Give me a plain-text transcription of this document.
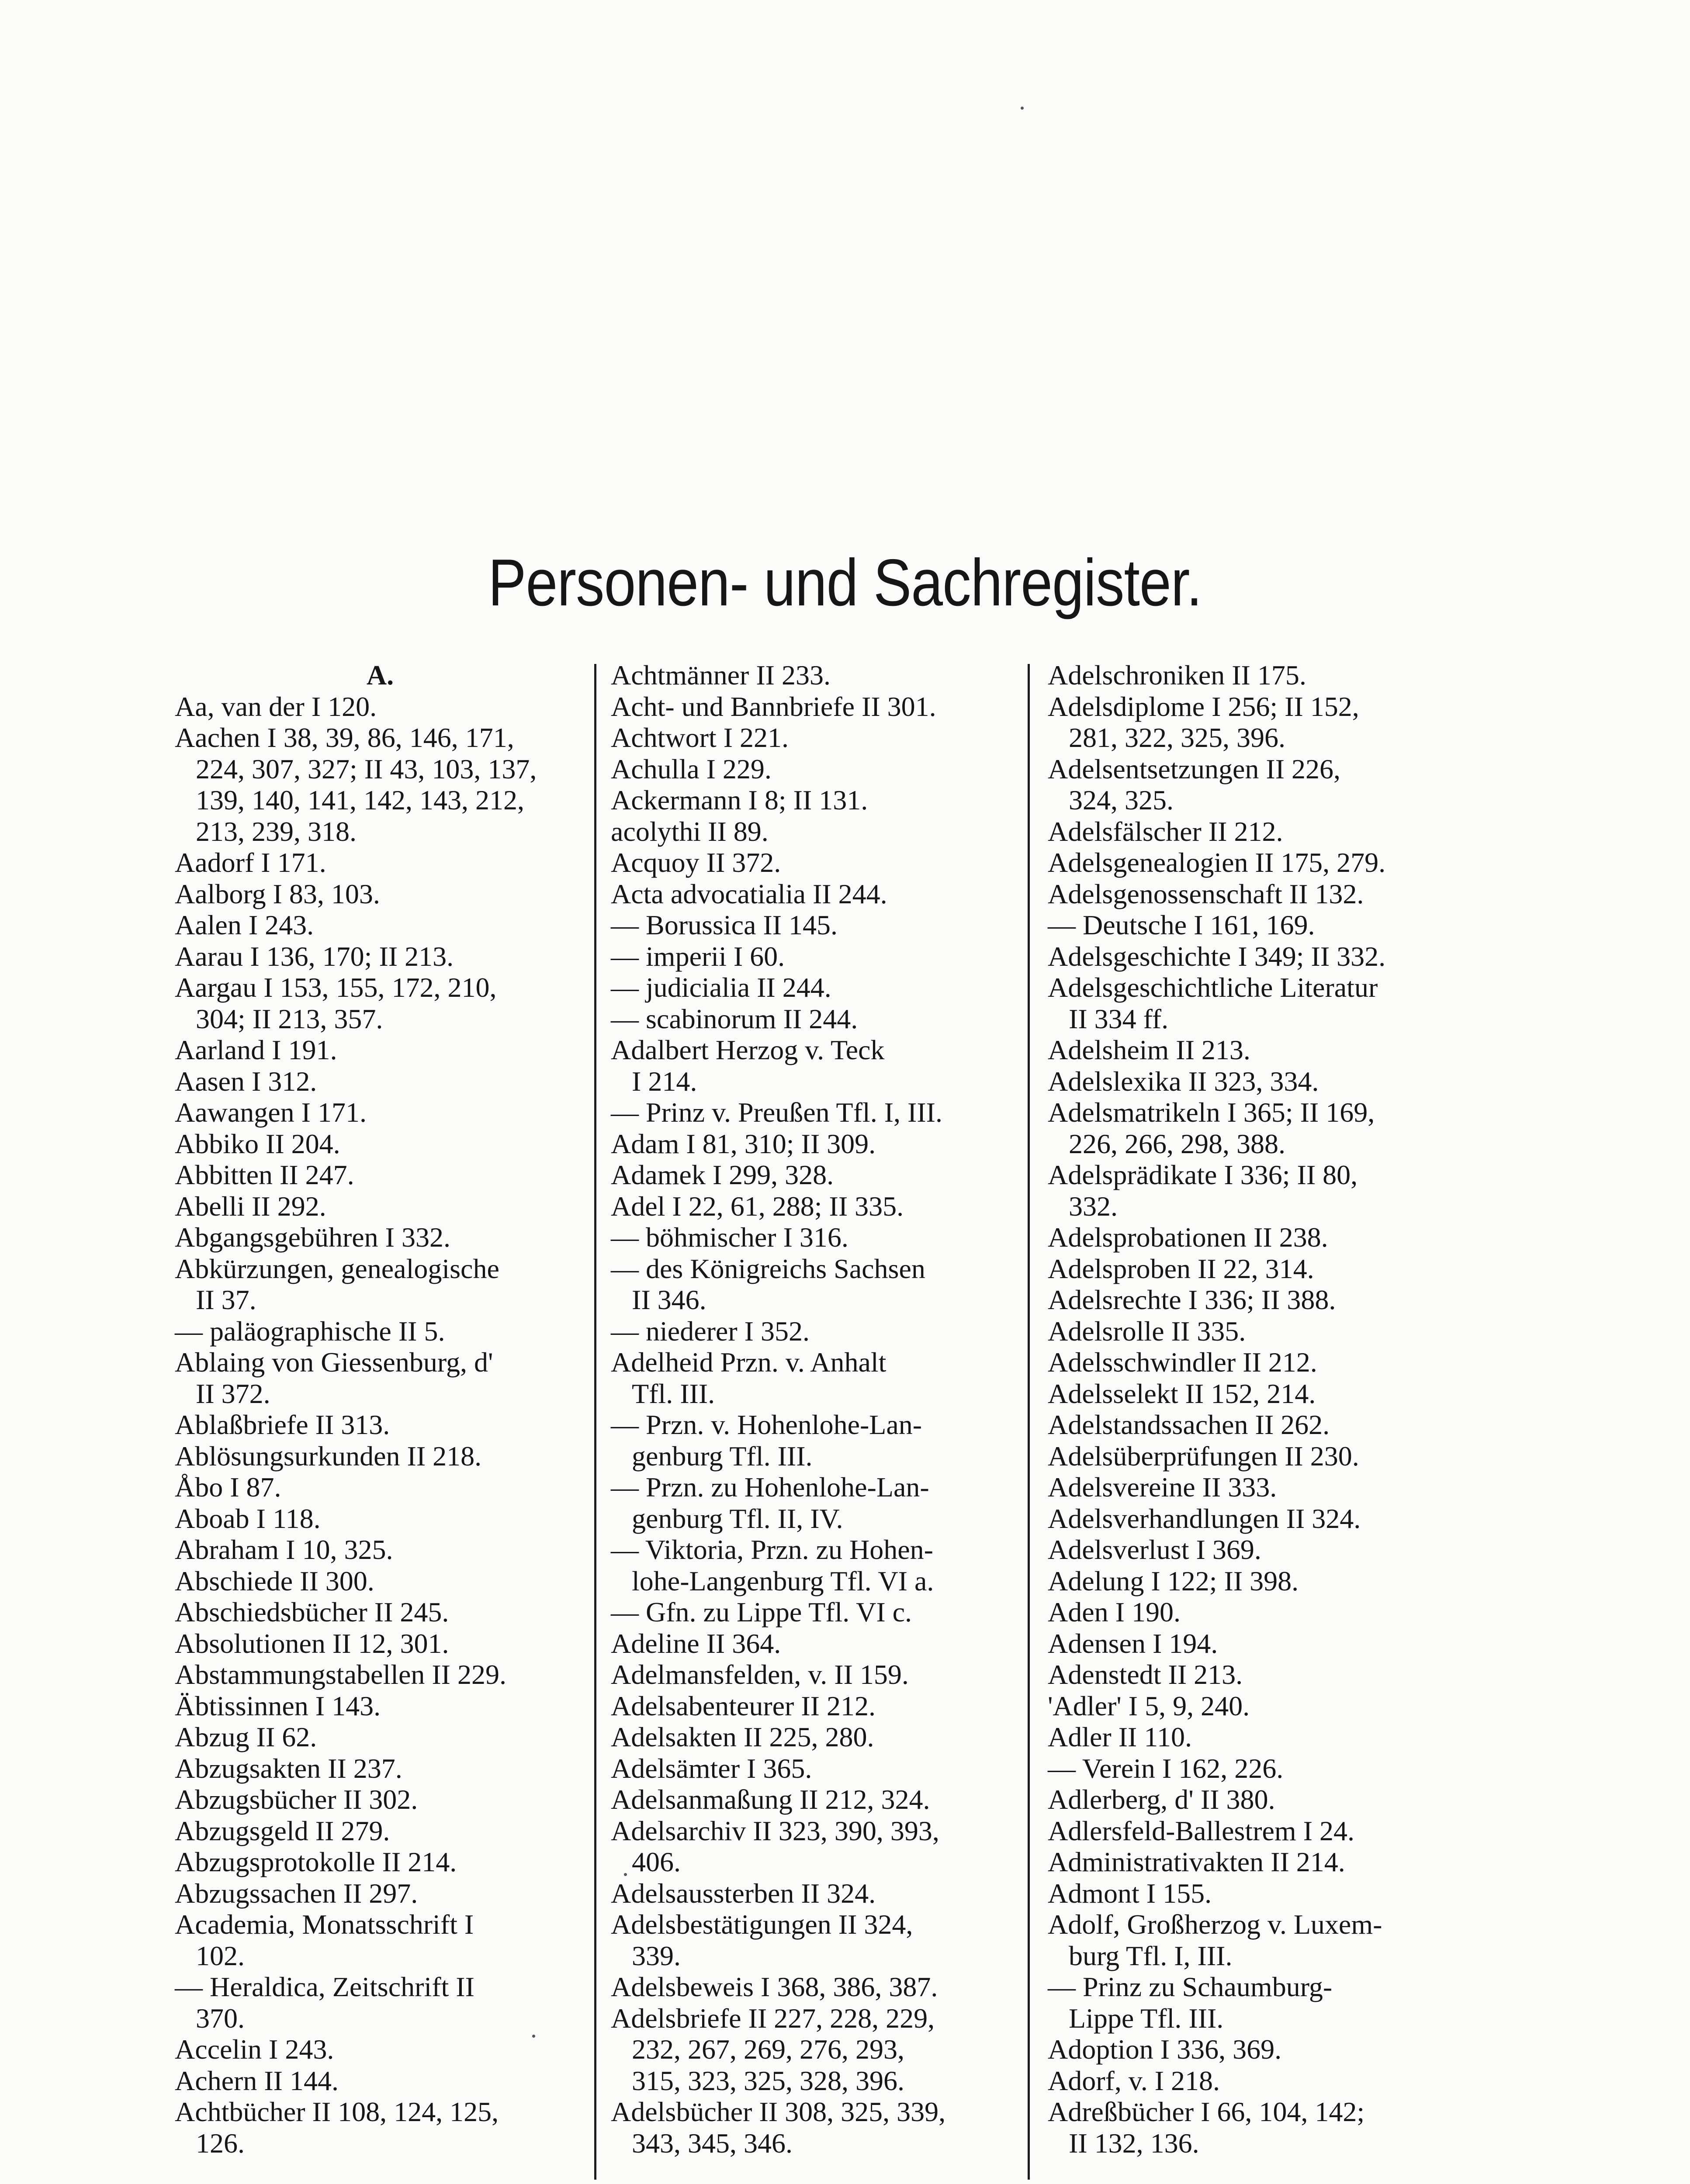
Personen- und Sachregister.
A.
Aa, van der I 120.
Aachen I 38, 39, 86, 146, 171,
224, 307, 327; II 43, 103, 137,
139, 140, 141, 142, 143, 212,
213, 239, 318.
Aadorf I 171.
Aalborg I 83, 103.
Aalen I 243.
Aarau I 136, 170; II 213.
Aargau I 153, 155, 172, 210,
304; II 213, 357.
Aarland I 191.
Aasen I 312.
Aawangen I 171.
Abbiko II 204.
Abbitten II 247.
Abelli II 292.
Abgangsgebühren I 332.
Abkürzungen, genealogische
II 37.
— paläographische II 5.
Ablaing von Giessenburg, d'
II 372.
Ablaßbriefe II 313.
Ablösungsurkunden II 218.
Åbo I 87.
Aboab I 118.
Abraham I 10, 325.
Abschiede II 300.
Abschiedsbücher II 245.
Absolutionen II 12, 301.
Abstammungstabellen II 229.
Äbtissinnen I 143.
Abzug II 62.
Abzugsakten II 237.
Abzugsbücher II 302.
Abzugsgeld II 279.
Abzugsprotokolle II 214.
Abzugssachen II 297.
Academia, Monatsschrift I
102.
— Heraldica, Zeitschrift II
370.
Accelin I 243.
Achern II 144.
Achtbücher II 108, 124, 125,
126.
Achtmänner II 233.
Acht- und Bannbriefe II 301.
Achtwort I 221.
Achulla I 229.
Ackermann I 8; II 131.
acolythi II 89.
Acquoy II 372.
Acta advocatialia II 244.
— Borussica II 145.
— imperii I 60.
— judicialia II 244.
— scabinorum II 244.
Adalbert Herzog v. Teck
I 214.
— Prinz v. Preußen Tfl. I, III.
Adam I 81, 310; II 309.
Adamek I 299, 328.
Adel I 22, 61, 288; II 335.
— böhmischer I 316.
— des Königreichs Sachsen
II 346.
— niederer I 352.
Adelheid Przn. v. Anhalt
Tfl. III.
— Przn. v. Hohenlohe-Lan-
genburg Tfl. III.
— Przn. zu Hohenlohe-Lan-
genburg Tfl. II, IV.
— Viktoria, Przn. zu Hohen-
lohe-Langenburg Tfl. VI a.
— Gfn. zu Lippe Tfl. VI c.
Adeline II 364.
Adelmansfelden, v. II 159.
Adelsabenteurer II 212.
Adelsakten II 225, 280.
Adelsämter I 365.
Adelsanmaßung II 212, 324.
Adelsarchiv II 323, 390, 393,
406.
Adelsaussterben II 324.
Adelsbestätigungen II 324,
339.
Adelsbeweis I 368, 386, 387.
Adelsbriefe II 227, 228, 229,
232, 267, 269, 276, 293,
315, 323, 325, 328, 396.
Adelsbücher II 308, 325, 339,
343, 345, 346.
Adelschroniken II 175.
Adelsdiplome I 256; II 152,
281, 322, 325, 396.
Adelsentsetzungen II 226,
324, 325.
Adelsfälscher II 212.
Adelsgenealogien II 175, 279.
Adelsgenossenschaft II 132.
— Deutsche I 161, 169.
Adelsgeschichte I 349; II 332.
Adelsgeschichtliche Literatur
II 334 ff.
Adelsheim II 213.
Adelslexika II 323, 334.
Adelsmatrikeln I 365; II 169,
226, 266, 298, 388.
Adelsprädikate I 336; II 80,
332.
Adelsprobationen II 238.
Adelsproben II 22, 314.
Adelsrechte I 336; II 388.
Adelsrolle II 335.
Adelsschwindler II 212.
Adelsselekt II 152, 214.
Adelstandssachen II 262.
Adelsüberprüfungen II 230.
Adelsvereine II 333.
Adelsverhandlungen II 324.
Adelsverlust I 369.
Adelung I 122; II 398.
Aden I 190.
Adensen I 194.
Adenstedt II 213.
'Adler' I 5, 9, 240.
Adler II 110.
— Verein I 162, 226.
Adlerberg, d' II 380.
Adlersfeld-Ballestrem I 24.
Administrativakten II 214.
Admont I 155.
Adolf, Großherzog v. Luxem-
burg Tfl. I, III.
— Prinz zu Schaumburg-
Lippe Tfl. III.
Adoption I 336, 369.
Adorf, v. I 218.
Adreßbücher I 66, 104, 142;
II 132, 136.
